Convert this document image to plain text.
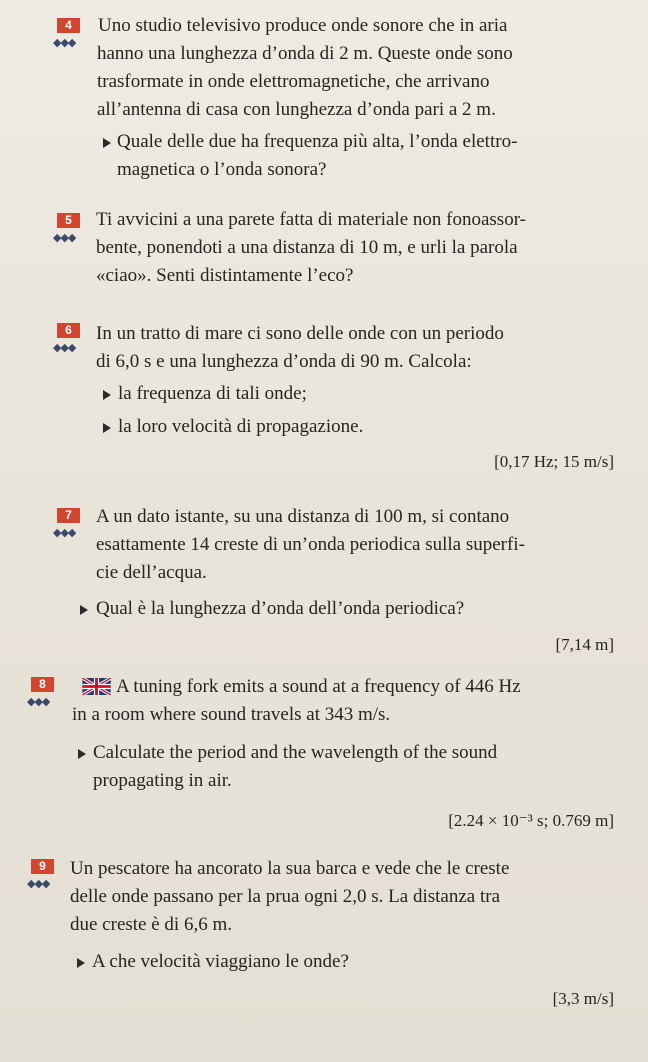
4
◆◆◆
Uno studio televisivo produce onde sonore che in aria
hanno una lunghezza d’onda di 2 m. Queste onde sono
trasformate in onde elettromagnetiche, che arrivano
all’antenna di casa con lunghezza d’onda pari a 2 m.
Quale delle due ha frequenza più alta, l’onda elettro-
magnetica o l’onda sonora?
5
◆◆◆
Ti avvicini a una parete fatta di materiale non fonoassor-
bente, ponendoti a una distanza di 10 m, e urli la parola
«ciao». Senti distintamente l’eco?
6
◆◆◆
In un tratto di mare ci sono delle onde con un periodo
di 6,0 s e una lunghezza d’onda di 90 m. Calcola:
la frequenza di tali onde;
la loro velocità di propagazione.
[0,17 Hz; 15 m/s]
7
◆◆◆
A un dato istante, su una distanza di 100 m, si contano
esattamente 14 creste di un’onda periodica sulla superfi-
cie dell’acqua.
Qual è la lunghezza d’onda dell’onda periodica?
[7,14 m]
8
◆◆◆
A tuning fork emits a sound at a frequency of 446 Hz
in a room where sound travels at 343 m/s.
Calculate the period and the wavelength of the sound
propagating in air.
[2.24 × 10⁻³ s; 0.769 m]
9
◆◆◆
Un pescatore ha ancorato la sua barca e vede che le creste
delle onde passano per la prua ogni 2,0 s. La distanza tra
due creste è di 6,6 m.
A che velocità viaggiano le onde?
[3,3 m/s]
